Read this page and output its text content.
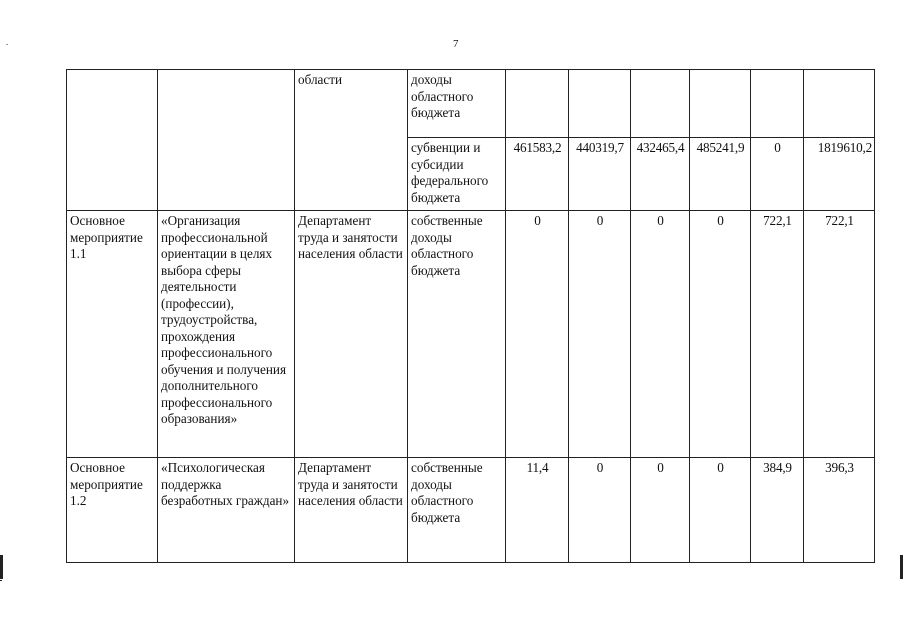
7
		области	доходы областного бюджета						
			субвенции и субсидии федерального бюджета	461583,2	440319,7	432465,4	485241,9	0	1819610,2
Основное мероприятие 1.1	«Организация профессиональной ориентации в целях выбора сферы деятельности (профессии), трудоустройства, прохождения профессионального обучения и получения дополнительного профессионального образования»	Департамент труда и занятости населения области	собственные доходы областного бюджета	0	0	0	0	722,1	722,1
Основное мероприятие 1.2	«Психологическая поддержка безработных граждан»	Департамент труда и занятости населения области	собственные доходы областного бюджета	11,4	0	0	0	384,9	396,3
